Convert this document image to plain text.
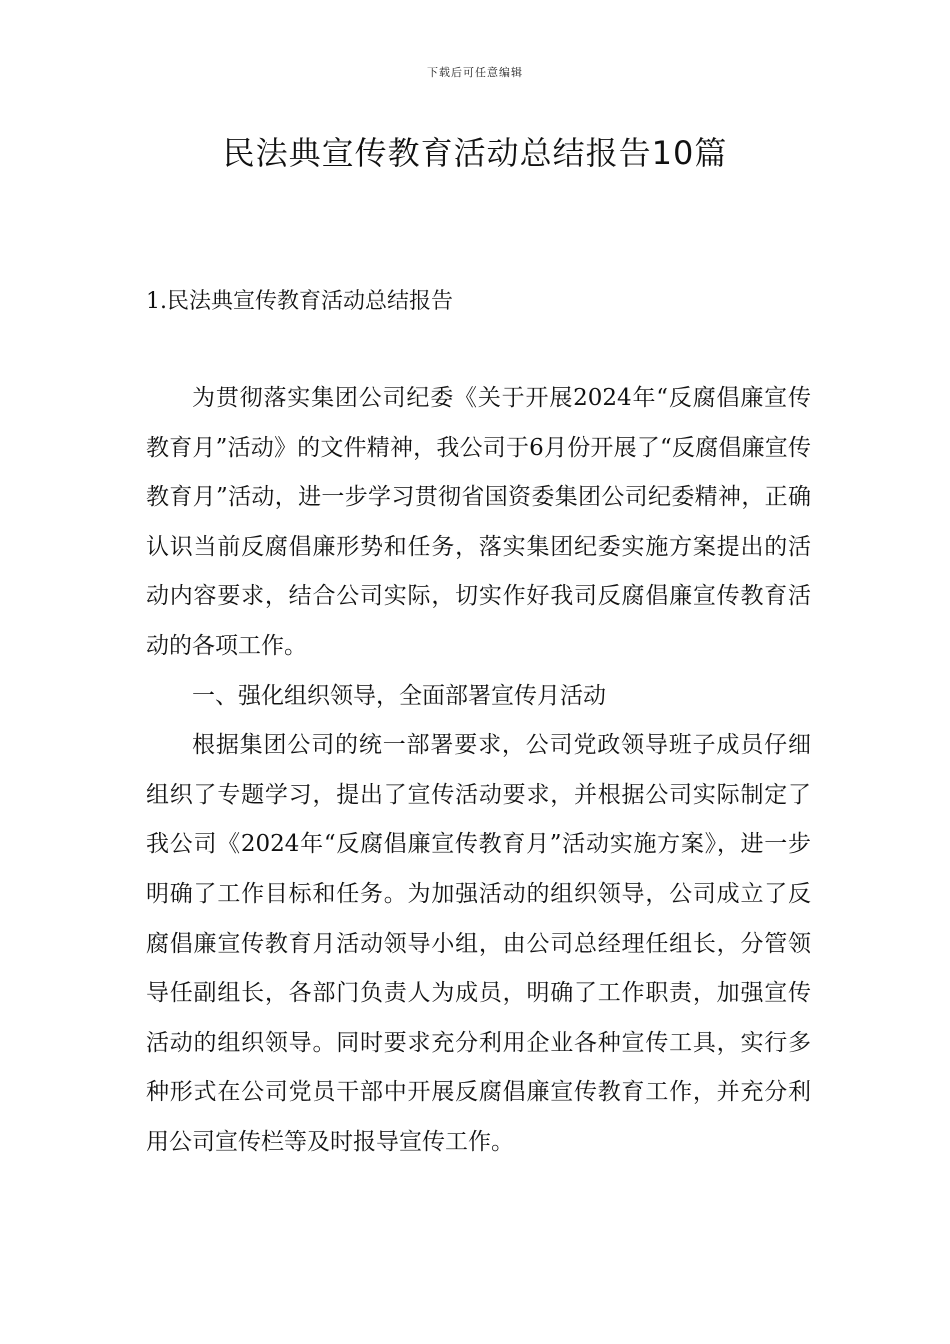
下载后可任意编辑
民法典宣传教育活动总结报告10篇
1.民法典宣传教育活动总结报告

为贯彻落实集团公司纪委《关于开展2024年“反腐倡廉宣传教育月”活动》的文件精神，我公司于6月份开展了“反腐倡廉宣传教育月”活动，进一步学习贯彻省国资委集团公司纪委精神，正确认识当前反腐倡廉形势和任务，落实集团纪委实施方案提出的活动内容要求，结合公司实际，切实作好我司反腐倡廉宣传教育活动的各项工作。

一、强化组织领导，全面部署宣传月活动

根据集团公司的统一部署要求，公司党政领导班子成员仔细组织了专题学习，提出了宣传活动要求，并根据公司实际制定了我公司《2024年“反腐倡廉宣传教育月”活动实施方案》，进一步明确了工作目标和任务。为加强活动的组织领导，公司成立了反腐倡廉宣传教育月活动领导小组，由公司总经理任组长，分管领导任副组长，各部门负责人为成员，明确了工作职责，加强宣传活动的组织领导。同时要求充分利用企业各种宣传工具，实行多种形式在公司党员干部中开展反腐倡廉宣传教育工作，并充分利用公司宣传栏等及时报导宣传工作。
